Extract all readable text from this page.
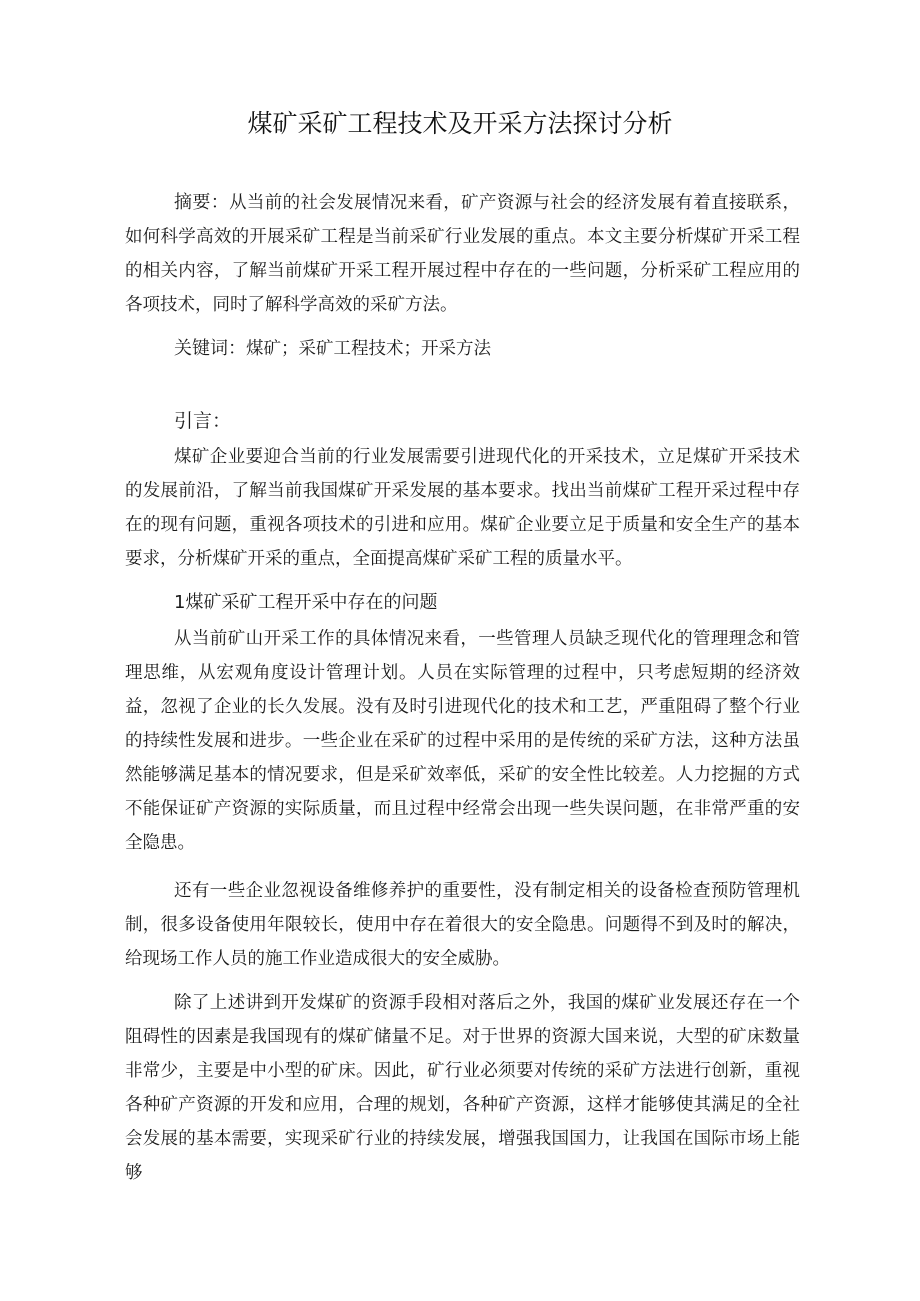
煤矿采矿工程技术及开采方法探讨分析

摘要：从当前的社会发展情况来看，矿产资源与社会的经济发展有着直接联系，如何科学高效的开展采矿工程是当前采矿行业发展的重点。本文主要分析煤矿开采工程的相关内容，了解当前煤矿开采工程开展过程中存在的一些问题，分析采矿工程应用的各项技术，同时了解科学高效的采矿方法。

关键词：煤矿；采矿工程技术；开采方法

引言：

煤矿企业要迎合当前的行业发展需要引进现代化的开采技术，立足煤矿开采技术的发展前沿，了解当前我国煤矿开采发展的基本要求。找出当前煤矿工程开采过程中存在的现有问题，重视各项技术的引进和应用。煤矿企业要立足于质量和安全生产的基本要求，分析煤矿开采的重点，全面提高煤矿采矿工程的质量水平。

1煤矿采矿工程开采中存在的问题

从当前矿山开采工作的具体情况来看，一些管理人员缺乏现代化的管理理念和管理思维，从宏观角度设计管理计划。人员在实际管理的过程中，只考虑短期的经济效益，忽视了企业的长久发展。没有及时引进现代化的技术和工艺，严重阻碍了整个行业的持续性发展和进步。一些企业在采矿的过程中采用的是传统的采矿方法，这种方法虽然能够满足基本的情况要求，但是采矿效率低，采矿的安全性比较差。人力挖掘的方式不能保证矿产资源的实际质量，而且过程中经常会出现一些失误问题，在非常严重的安全隐患。

还有一些企业忽视设备维修养护的重要性，没有制定相关的设备检查预防管理机制，很多设备使用年限较长，使用中存在着很大的安全隐患。问题得不到及时的解决，给现场工作人员的施工作业造成很大的安全威胁。

除了上述讲到开发煤矿的资源手段相对落后之外，我国的煤矿业发展还存在一个阻碍性的因素是我国现有的煤矿储量不足。对于世界的资源大国来说，大型的矿床数量非常少，主要是中小型的矿床。因此，矿行业必须要对传统的采矿方法进行创新，重视各种矿产资源的开发和应用，合理的规划，各种矿产资源，这样才能够使其满足的全社会发展的基本需要，实现采矿行业的持续发展，增强我国国力，让我国在国际市场上能够
